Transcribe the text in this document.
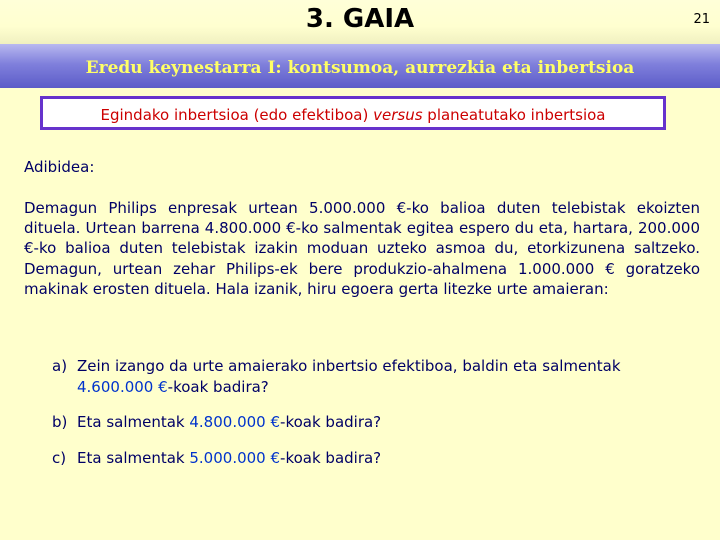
3. GAIA	21
Eredu keynestarra I: kontsumoa, aurrezkia eta inbertsioa
Egindako inbertsioa (edo efektiboa) versus planeatutako inbertsioa
Adibidea:

Demagun Philips enpresak urtean 5.000.000 €-ko balioa duten telebistak ekoizten dituela. Urtean barrena 4.800.000 €-ko salmentak egitea espero du eta, hartara, 200.000 €-ko balioa duten telebistak izakin moduan uzteko asmoa du, etorkizunena saltzeko. Demagun, urtean zehar Philips-ek bere produkzio-ahalmena 1.000.000 € goratzeko makinak erosten dituela. Hala izanik, hiru egoera gerta litezke urte amaieran:

a) Zein izango da urte amaierako inbertsio efektiboa, baldin eta salmentak 4.600.000 €-koak badira?
b) Eta salmentak 4.800.000 €-koak badira?
c) Eta salmentak 5.000.000 €-koak badira?
